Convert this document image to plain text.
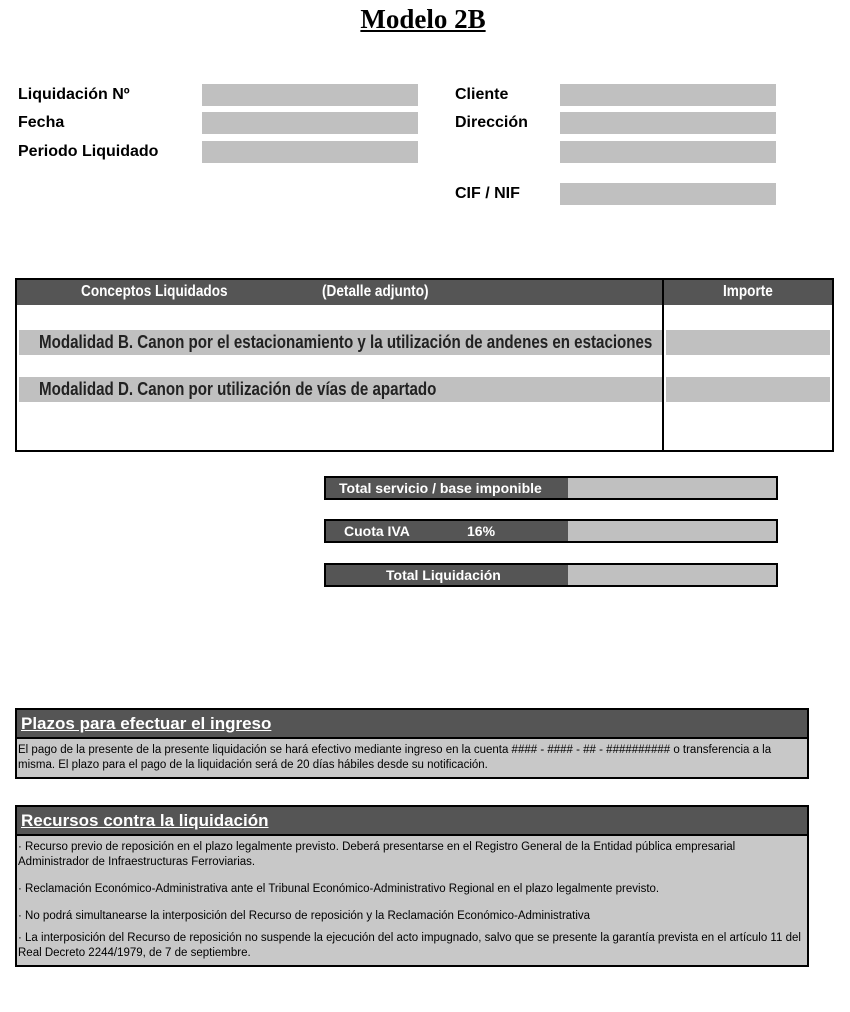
Modelo 2B
Liquidación Nº
Fecha
Periodo Liquidado
Cliente
Dirección
CIF / NIF
Conceptos Liquidados	(Detalle adjunto)	Importe
Modalidad B. Canon por el estacionamiento y la utilización de andenes en estaciones
Modalidad D. Canon por utilización de vías de apartado
Total servicio / base imponible
Cuota IVA	16%
Total Liquidación
Plazos para efectuar el ingreso

El pago de la presente de la presente liquidación se hará efectivo mediante ingreso en la cuenta #### - #### - ## - ########## o transferencia a la misma. El plazo para el pago de la liquidación será de 20 días hábiles desde su notificación.

Recursos contra la liquidación

· Recurso previo de reposición en el plazo legalmente previsto. Deberá presentarse en el Registro General de la Entidad pública empresarial Administrador de Infraestructuras Ferroviarias.

· Reclamación Económico-Administrativa ante el Tribunal Económico-Administrativo Regional en el plazo legalmente previsto.

· No podrá simultanearse la interposición del Recurso de reposición y la Reclamación Económico-Administrativa

· La interposición del Recurso de reposición no suspende la ejecución del acto impugnado, salvo que se presente la garantía prevista en el artículo 11 del Real Decreto 2244/1979, de 7 de septiembre.
